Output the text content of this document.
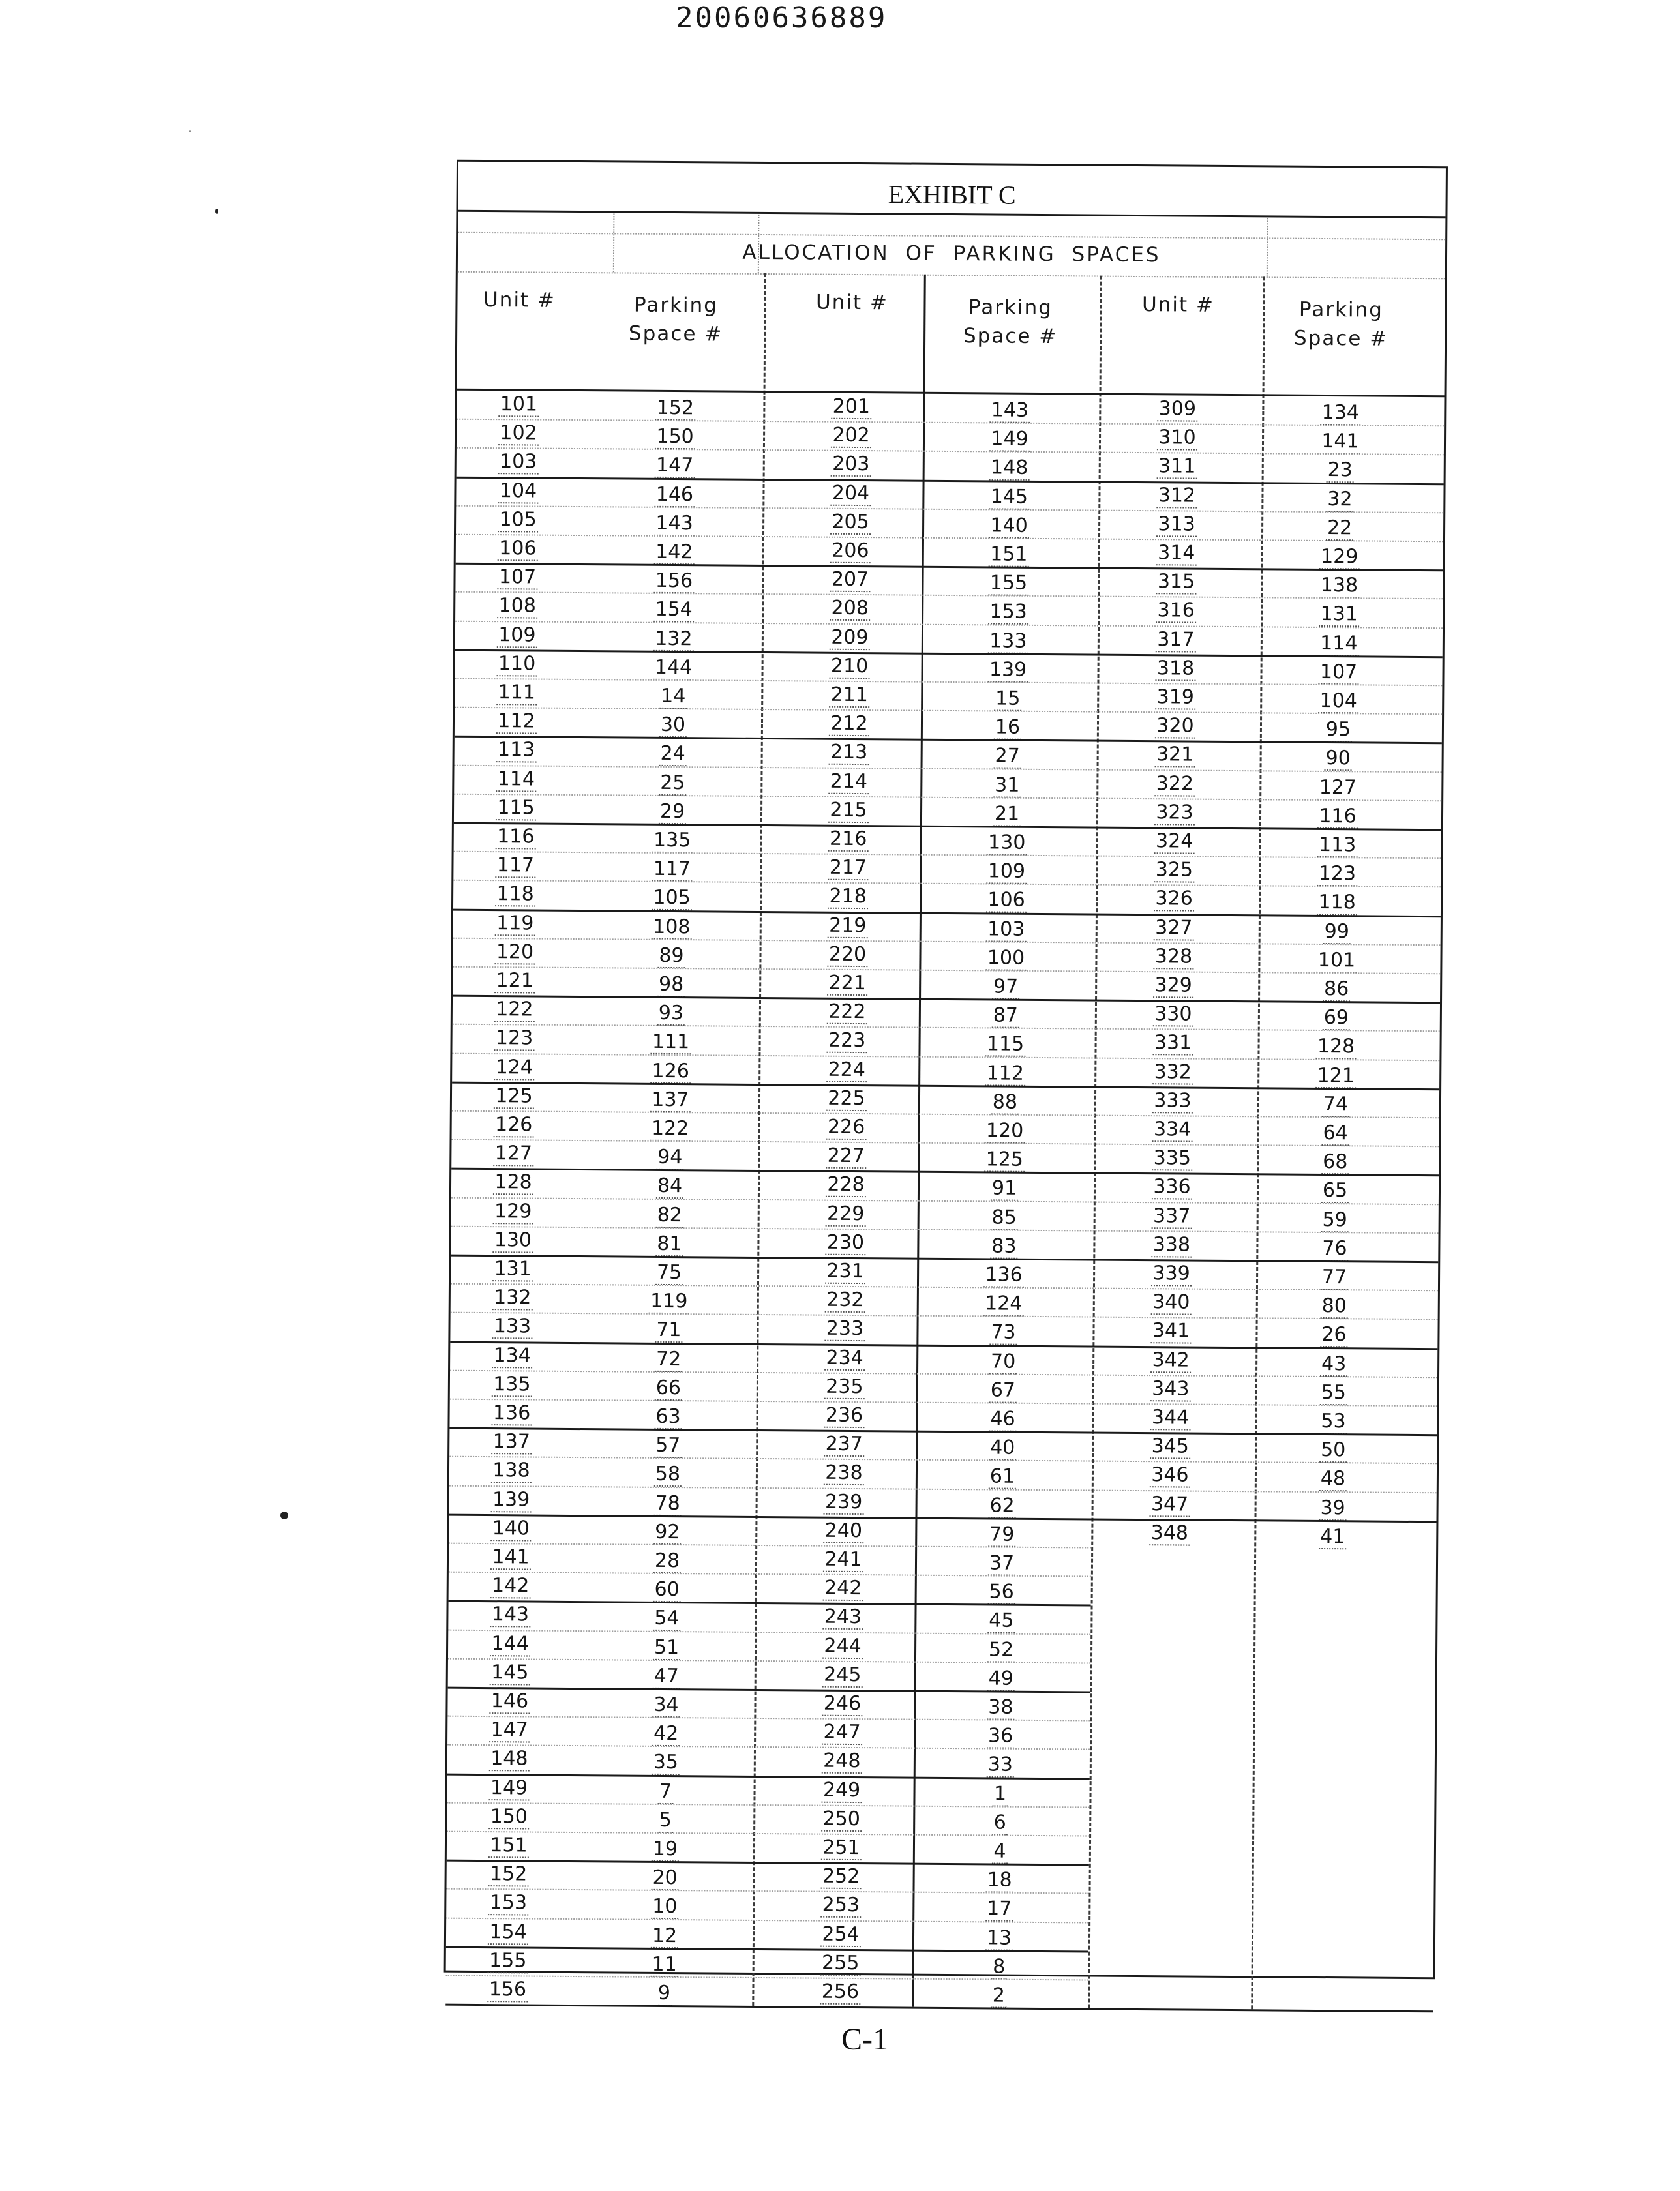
20060636889
EXHIBIT C
ALLOCATION OF PARKING SPACES
Unit #	Parking
Space #
Unit #	Parking
Space #
Unit #	Parking
Space #
101	152	201	143	309	134
102	150	202	149	310	141
103	147	203	148	311	23
104	146	204	145	312	32
105	143	205	140	313	22
106	142	206	151	314	129
107	156	207	155	315	138
108	154	208	153	316	131
109	132	209	133	317	114
110	144	210	139	318	107
111	14	211	15	319	104
112	30	212	16	320	95
113	24	213	27	321	90
114	25	214	31	322	127
115	29	215	21	323	116
116	135	216	130	324	113
117	117	217	109	325	123
118	105	218	106	326	118
119	108	219	103	327	99
120	89	220	100	328	101
121	98	221	97	329	86
122	93	222	87	330	69
123	111	223	115	331	128
124	126	224	112	332	121
125	137	225	88	333	74
126	122	226	120	334	64
127	94	227	125	335	68
128	84	228	91	336	65
129	82	229	85	337	59
130	81	230	83	338	76
131	75	231	136	339	77
132	119	232	124	340	80
133	71	233	73	341	26
134	72	234	70	342	43
135	66	235	67	343	55
136	63	236	46	344	53
137	57	237	40	345	50
138	58	238	61	346	48
139	78	239	62	347	39
140	92	240	79	348	41
141	28	241	37
142	60	242	56
143	54	243	45
144	51	244	52
145	47	245	49
146	34	246	38
147	42	247	36
148	35	248	33
149	7	249	1
150	5	250	6
151	19	251	4
152	20	252	18
153	10	253	17
154	12	254	13
155	11	255	8
156	9	256	2
C-1
